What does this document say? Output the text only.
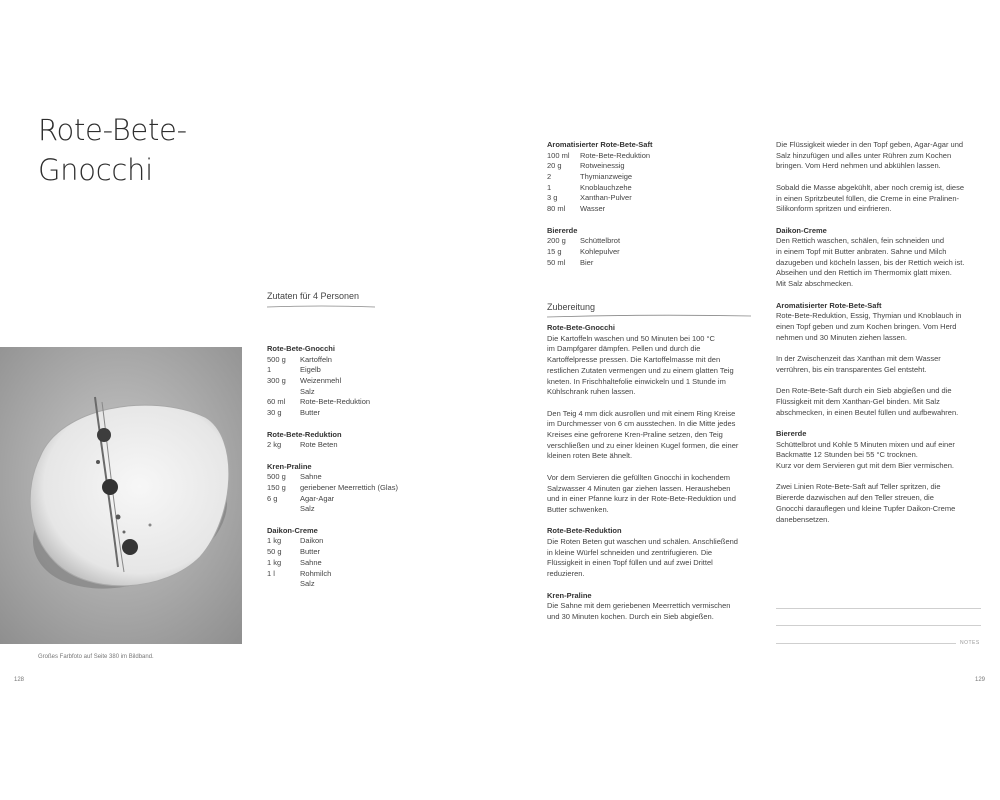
Rote-Bete-
Gnocchi
Großes Farbfoto auf Seite 380 im Bildband.
128	129
Zutaten für 4 Personen
Rote-Bete-Gnocchi
500 g	Kartoffeln
1	Eigelb
300 g	Weizenmehl
Salz
60 ml	Rote-Bete-Reduktion
30 g	Butter
Rote-Bete-Reduktion
2 kg	Rote Beten
Kren-Praline
500 g	Sahne
150 g	geriebener Meerrettich (Glas)
6 g	Agar-Agar
Salz
Daikon-Creme
1 kg	Daikon
50 g	Butter
1 kg	Sahne
1 l	Rohmilch
Salz
Aromatisierter Rote-Bete-Saft
100 ml	Rote-Bete-Reduktion
20 g	Rotweinessig
2	Thymianzweige
1	Knoblauchzehe
3 g	Xanthan-Pulver
80 ml	Wasser
Biererde
200 g	Schüttelbrot
15 g	Kohlepulver
50 ml	Bier
Zubereitung
Rote-Bete-Gnocchi
Die Kartoffeln waschen und 50 Minuten bei 100 °C
im Dampfgarer dämpfen. Pellen und durch die
Kartoffelpresse pressen. Die Kartoffelmasse mit den
restlichen Zutaten vermengen und zu einem glatten Teig
kneten. In Frischhaltefolie einwickeln und 1 Stunde im
Kühlschrank ruhen lassen.
Den Teig 4 mm dick ausrollen und mit einem Ring Kreise
im Durchmesser von 6 cm ausstechen. In die Mitte jedes
Kreises eine gefrorene Kren-Praline setzen, den Teig
verschließen und zu einer kleinen Kugel formen, die einer
kleinen roten Bete ähnelt.
Vor dem Servieren die gefüllten Gnocchi in kochendem
Salzwasser 4 Minuten gar ziehen lassen. Herausheben
und in einer Pfanne kurz in der Rote-Bete-Reduktion und
Butter schwenken.
Rote-Bete-Reduktion
Die Roten Beten gut waschen und schälen. Anschließend
in kleine Würfel schneiden und zentrifugieren. Die
Flüssigkeit in einen Topf füllen und auf zwei Drittel
reduzieren.
Kren-Praline
Die Sahne mit dem geriebenen Meerrettich vermischen
und 30 Minuten kochen. Durch ein Sieb abgießen.
Die Flüssigkeit wieder in den Topf geben, Agar-Agar und
Salz hinzufügen und alles unter Rühren zum Kochen
bringen. Vom Herd nehmen und abkühlen lassen.
Sobald die Masse abgekühlt, aber noch cremig ist, diese
in einen Spritzbeutel füllen, die Creme in eine Pralinen-
Silikonform spritzen und einfrieren.
Daikon-Creme
Den Rettich waschen, schälen, fein schneiden und
in einem Topf mit Butter anbraten. Sahne und Milch
dazugeben und köcheln lassen, bis der Rettich weich ist.
Abseihen und den Rettich im Thermomix glatt mixen.
Mit Salz abschmecken.
Aromatisierter Rote-Bete-Saft
Rote-Bete-Reduktion, Essig, Thymian und Knoblauch in
einen Topf geben und zum Kochen bringen. Vom Herd
nehmen und 30 Minuten ziehen lassen.
In der Zwischenzeit das Xanthan mit dem Wasser
verrühren, bis ein transparentes Gel entsteht.
Den Rote-Bete-Saft durch ein Sieb abgießen und die
Flüssigkeit mit dem Xanthan-Gel binden. Mit Salz
abschmecken, in einen Beutel füllen und aufbewahren.
Biererde
Schüttelbrot und Kohle 5 Minuten mixen und auf einer
Backmatte 12 Stunden bei 55 °C trocknen.
Kurz vor dem Servieren gut mit dem Bier vermischen.
Zwei Linien Rote-Bete-Saft auf Teller spritzen, die
Biererde dazwischen auf den Teller streuen, die
Gnocchi darauflegen und kleine Tupfer Daikon-Creme
danebensetzen.
NOTES
